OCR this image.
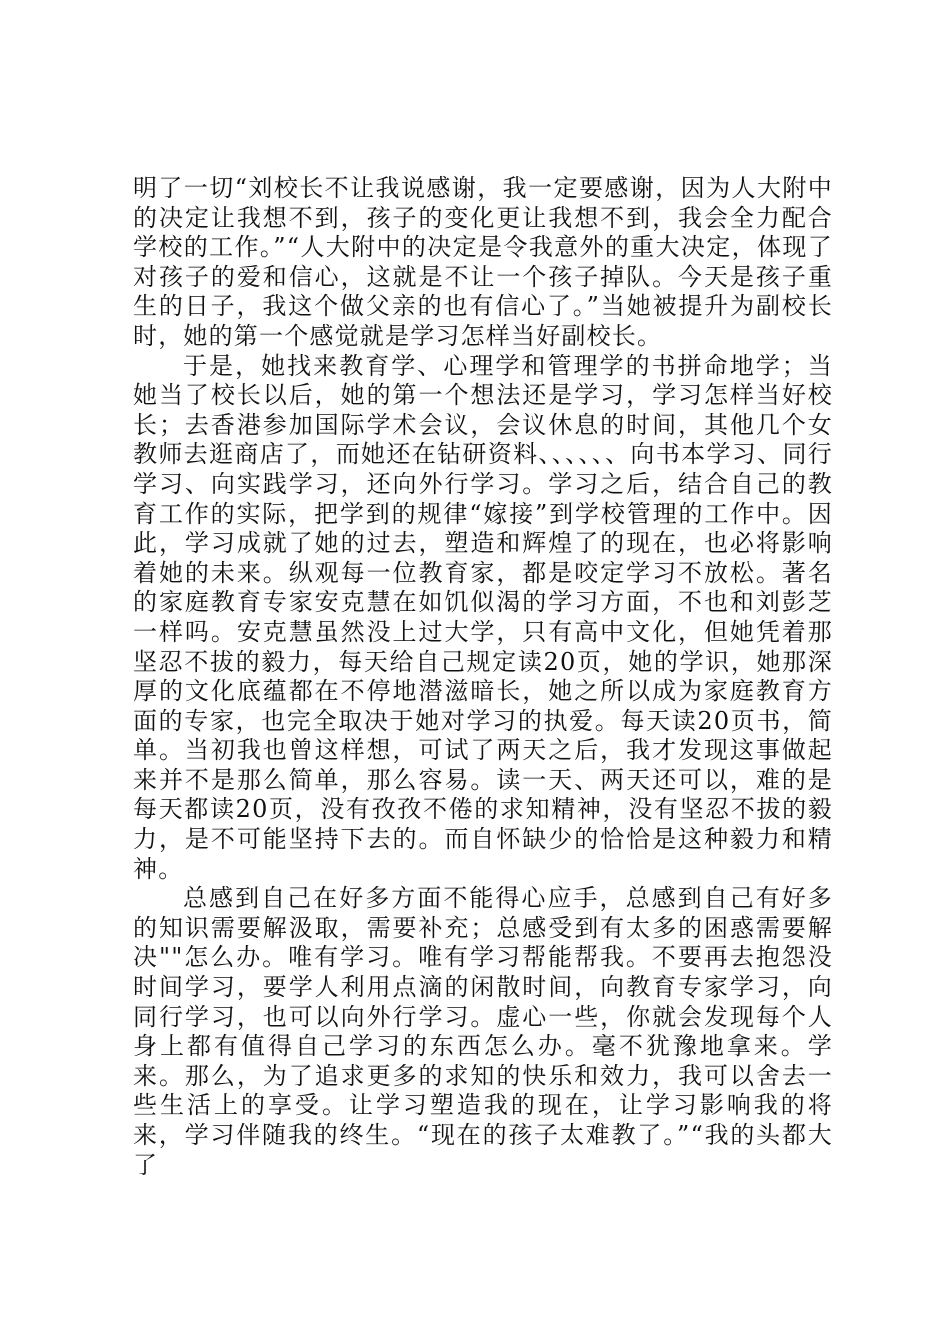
明了一切“刘校长不让我说感谢，我一定要感谢，因为人大附中的决定让我想不到，孩子的变化更让我想不到，我会全力配合学校的工作。”“人大附中的决定是令我意外的重大决定，体现了对孩子的爱和信心，这就是不让一个孩子掉队。今天是孩子重生的日子，我这个做父亲的也有信心了。”当她被提升为副校长时，她的第一个感觉就是学习怎样当好副校长。

于是，她找来教育学、心理学和管理学的书拼命地学；当她当了校长以后，她的第一个想法还是学习，学习怎样当好校长；去香港参加国际学术会议，会议休息的时间，其他几个女教师去逛商店了，而她还在钻研资料、、、、、、向书本学习、同行学习、向实践学习，还向外行学习。学习之后，结合自己的教育工作的实际，把学到的规律“嫁接”到学校管理的工作中。因此，学习成就了她的过去，塑造和辉煌了的现在，也必将影响着她的未来。纵观每一位教育家，都是咬定学习不放松。著名的家庭教育专家安克慧在如饥似渴的学习方面，不也和刘彭芝一样吗。安克慧虽然没上过大学，只有高中文化，但她凭着那坚忍不拔的毅力，每天给自己规定读20页，她的学识，她那深厚的文化底蕴都在不停地潜滋暗长，她之所以成为家庭教育方面的专家，也完全取决于她对学习的执爱。每天读20页书，简单。当初我也曾这样想，可试了两天之后，我才发现这事做起来并不是那么简单，那么容易。读一天、两天还可以，难的是每天都读20页，没有孜孜不倦的求知精神，没有坚忍不拔的毅力，是不可能坚持下去的。而自怀缺少的恰恰是这种毅力和精神。

总感到自己在好多方面不能得心应手，总感到自己有好多的知识需要解汲取，需要补充；总感受到有太多的困惑需要解决""怎么办。唯有学习。唯有学习帮能帮我。不要再去抱怨没时间学习，要学人利用点滴的闲散时间，向教育专家学习，向同行学习，也可以向外行学习。虚心一些，你就会发现每个人身上都有值得自己学习的东西怎么办。毫不犹豫地拿来。学来。那么，为了追求更多的求知的快乐和效力，我可以舍去一些生活上的享受。让学习塑造我的现在，让学习影响我的将来，学习伴随我的终生。“现在的孩子太难教了。”“我的头都大了
